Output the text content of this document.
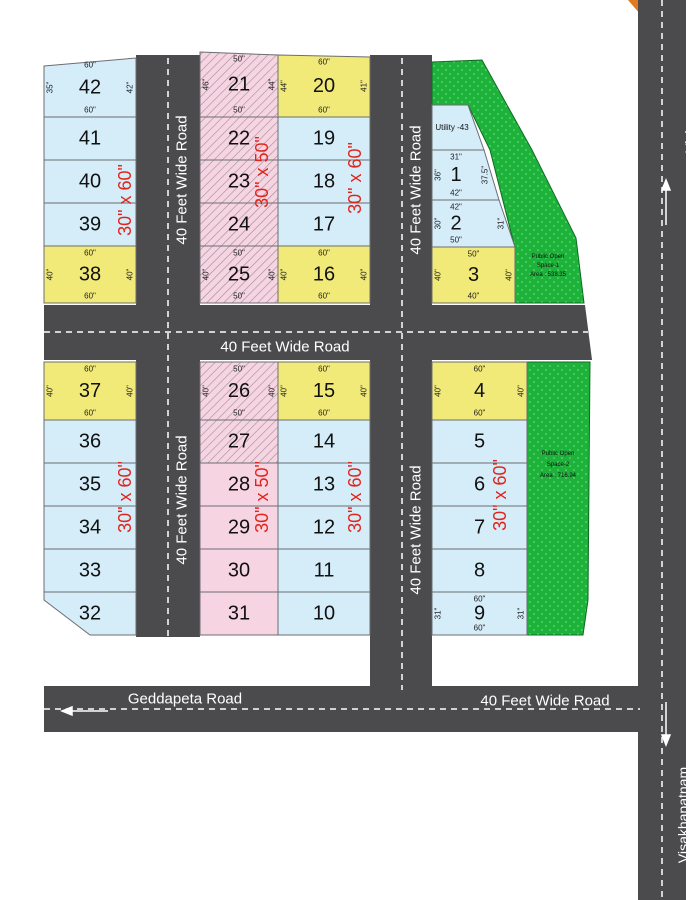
42
60"
60"
35"	42"
41
40
39
38
60"
60"
40"	40"
21
50"
50"
46"	44"
22
23
24
25
50"
50"
40"	40"
20
60"
60"
44"	41"
19
18
17
16
60"
60"
40"	40"
Utility -43
1
31"
42"
36"	37.5"
2
42"
50"
30"	31"
3
50"
40"
40"	40"
37
60"
60"
40"	40"
36
35
34
33
32
26
50"
50"
40"	40"
27
28
29
30
31
15
60"
60"
40"	40"
14
13
12
11
10
4
60"
60"
40"	40"
5
6
7
8
9
60"
60"
31"	31"
30" x 60"	30" x 50"	30" x 60"
30" x 60"	30" x 50"	30" x 60"	30" x 60"
Public Open
Space-1
Area : 538.35
Public Open
Space-2
Area : 716.94
40 Feet Wide Road
40 Feet Wide Road
40 Feet Wide Road
40 Feet Wide Road
40 Feet Wide Road
40 Feet Wide Road
Geddapeta Road
Vizianagaram
Visakhapatnam
